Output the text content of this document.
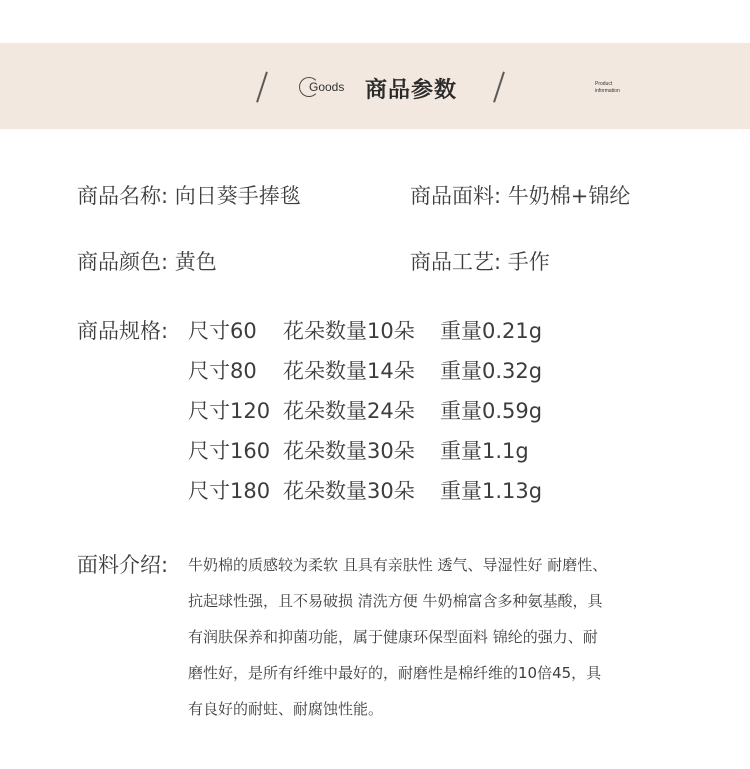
Goods 商品参数	Product
information
商品名称: 向日葵手捧毯	商品面料: 牛奶棉+锦纶
商品颜色: 黄色	商品工艺: 手作
商品规格: 尺寸60 花朵数量10朵 重量0.21g
尺寸80 花朵数量14朵 重量0.32g
尺寸120 花朵数量24朵 重量0.59g
尺寸160 花朵数量30朵 重量1.1g
尺寸180 花朵数量30朵 重量1.13g
面料介绍: 牛奶棉的质感较为柔软 且具有亲肤性 透气、导湿性好 耐磨性、
抗起球性强，且不易破损 清洗方便 牛奶棉富含多种氨基酸，具
有润肤保养和抑菌功能，属于健康环保型面料 锦纶的强力、耐
磨性好，是所有纤维中最好的，耐磨性是棉纤维的10倍45，具
有良好的耐蛀、耐腐蚀性能。
